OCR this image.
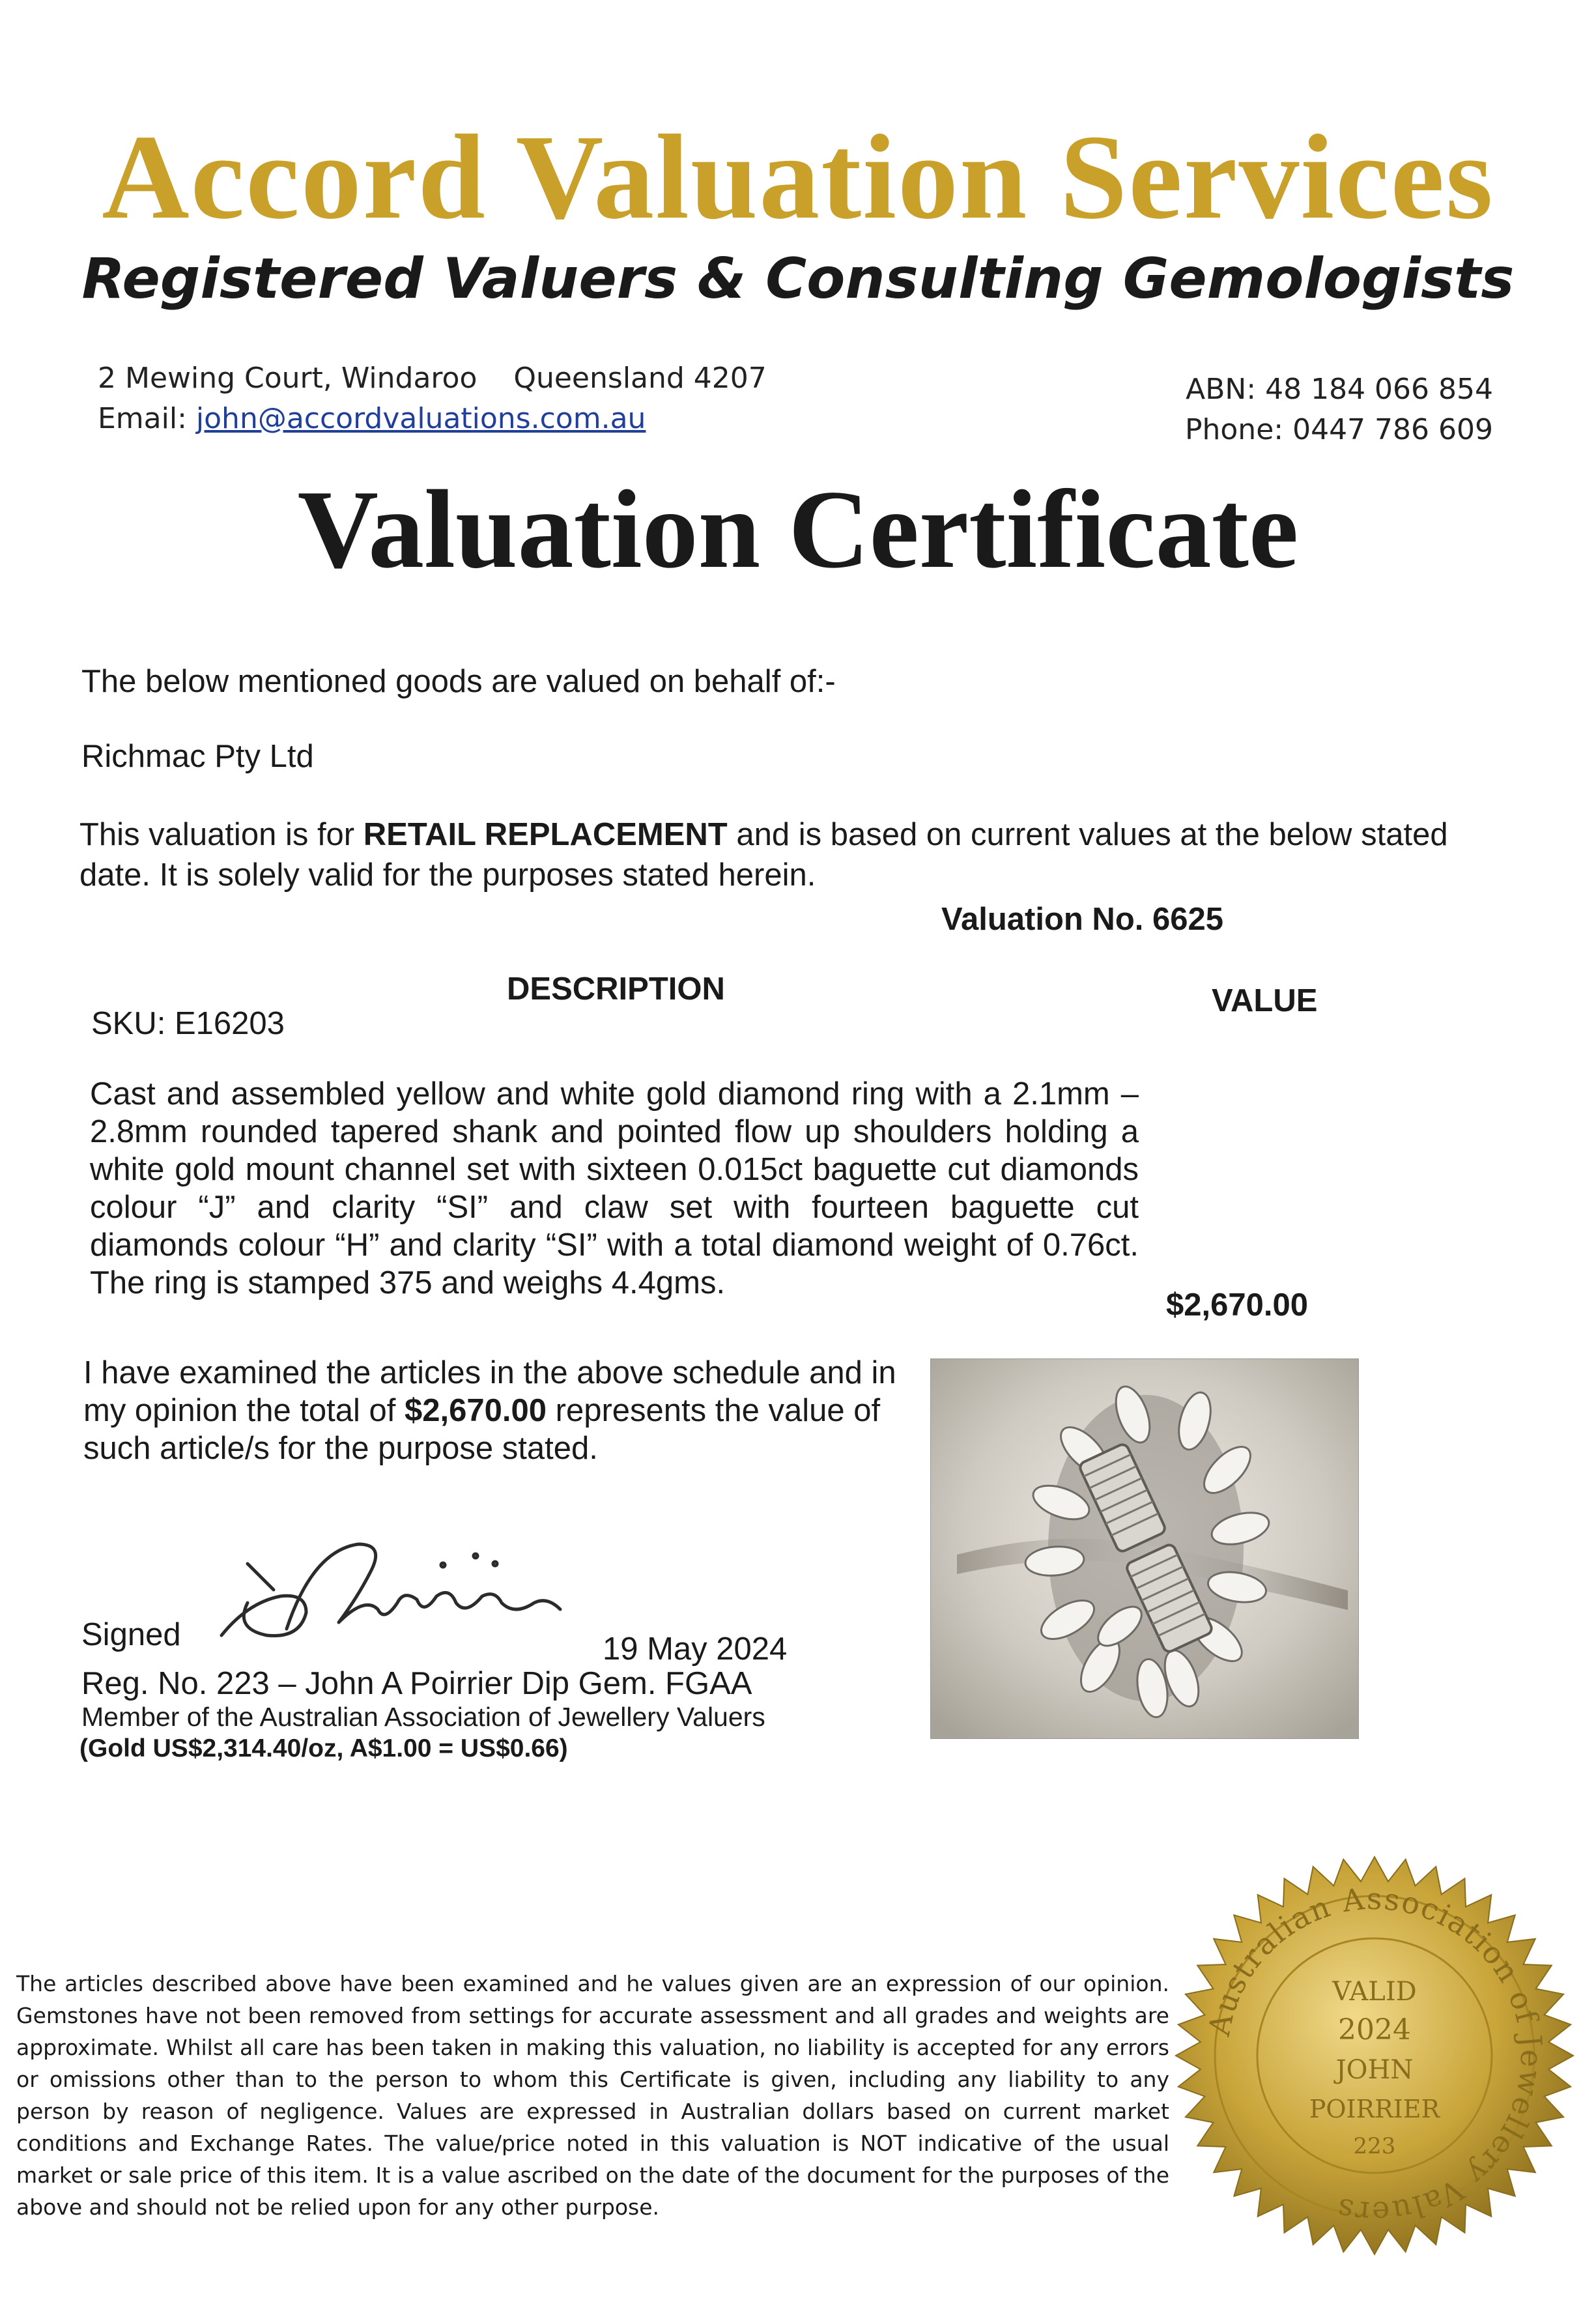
Accord Valuation Services
Registered Valuers & Consulting Gemologists
2 Mewing Court, Windaroo Queensland 4207
Email: john@accordvaluations.com.au
ABN: 48 184 066 854
Phone: 0447 786 609
Valuation Certificate
The below mentioned goods are valued on behalf of:-
Richmac Pty Ltd
This valuation is for RETAIL REPLACEMENT and is based on current values at the below stated
date. It is solely valid for the purposes stated herein.
Valuation No. 6625
DESCRIPTION	VALUE
SKU: E16203
Cast and assembled yellow and white gold diamond ring with a 2.1mm – 2.8mm rounded tapered shank and pointed flow up shoulders holding a white gold mount channel set with sixteen 0.015ct baguette cut diamonds colour “J” and clarity “SI” and claw set with fourteen baguette cut diamonds colour “H” and clarity “SI” with a total diamond weight of 0.76ct. The ring is stamped 375 and weighs 4.4gms.
$2,670.00
I have examined the articles in the above schedule and in my opinion the total of $2,670.00 represents the value of such article/s for the purpose stated.
Signed	19 May 2024
Reg. No. 223 – John A Poirrier Dip Gem. FGAA
Member of the Australian Association of Jewellery Valuers
(Gold US$2,314.40/oz, A$1.00 = US$0.66)
The articles described above have been examined and he values given are an expression of our opinion. Gemstones have not been removed from settings for accurate assessment and all grades and weights are approximate. Whilst all care has been taken in making this valuation, no liability is accepted for any errors or omissions other than to the person to whom this Certificate is given, including any liability to any person by reason of negligence. Values are expressed in Australian dollars based on current market conditions and Exchange Rates. The value/price noted in this valuation is NOT indicative of the usual market or sale price of this item. It is a value ascribed on the date of the document for the purposes of the above and should not be relied upon for any other purpose.
Australian Association of Jewellery Valuers
VALID
2024
JOHN
POIRRIER
223
